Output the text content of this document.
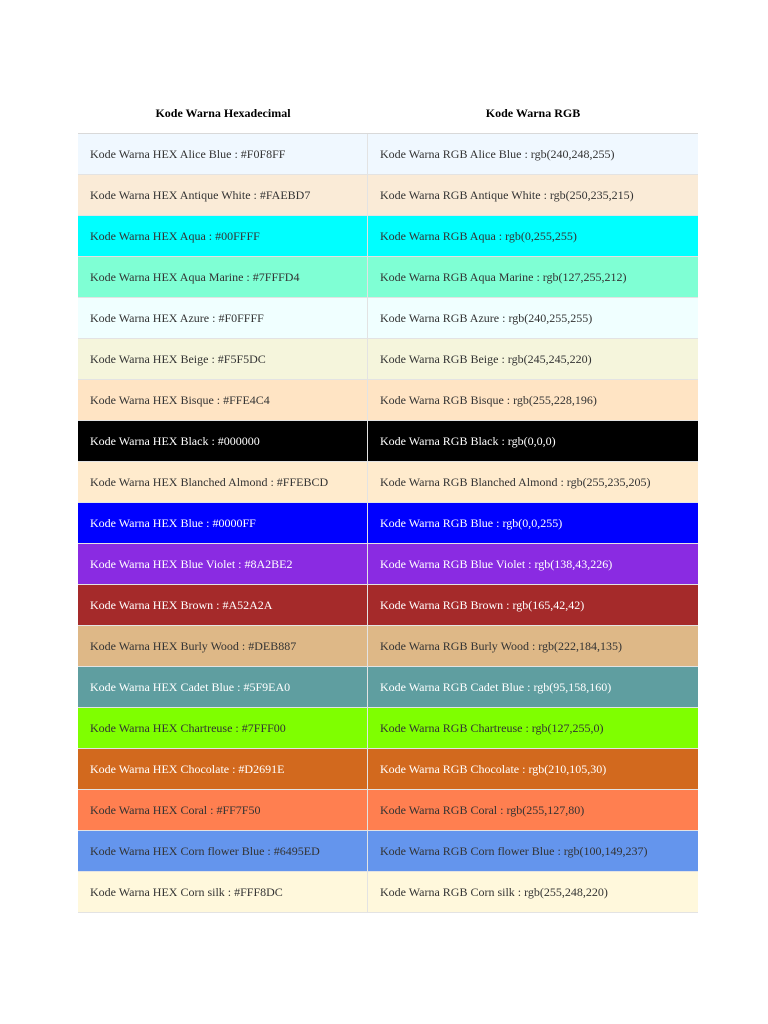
Kode Warna Hexadecimal	Kode Warna RGB
Kode Warna HEX Alice Blue : #F0F8FF	Kode Warna RGB Alice Blue : rgb(240,248,255)
Kode Warna HEX Antique White : #FAEBD7	Kode Warna RGB Antique White : rgb(250,235,215)
Kode Warna HEX Aqua : #00FFFF	Kode Warna RGB Aqua : rgb(0,255,255)
Kode Warna HEX Aqua Marine : #7FFFD4	Kode Warna RGB Aqua Marine : rgb(127,255,212)
Kode Warna HEX Azure : #F0FFFF	Kode Warna RGB Azure : rgb(240,255,255)
Kode Warna HEX Beige : #F5F5DC	Kode Warna RGB Beige : rgb(245,245,220)
Kode Warna HEX Bisque : #FFE4C4	Kode Warna RGB Bisque : rgb(255,228,196)
Kode Warna HEX Black : #000000	Kode Warna RGB Black : rgb(0,0,0)
Kode Warna HEX Blanched Almond : #FFEBCD	Kode Warna RGB Blanched Almond : rgb(255,235,205)
Kode Warna HEX Blue : #0000FF	Kode Warna RGB Blue : rgb(0,0,255)
Kode Warna HEX Blue Violet : #8A2BE2	Kode Warna RGB Blue Violet : rgb(138,43,226)
Kode Warna HEX Brown : #A52A2A	Kode Warna RGB Brown : rgb(165,42,42)
Kode Warna HEX Burly Wood : #DEB887	Kode Warna RGB Burly Wood : rgb(222,184,135)
Kode Warna HEX Cadet Blue : #5F9EA0	Kode Warna RGB Cadet Blue : rgb(95,158,160)
Kode Warna HEX Chartreuse : #7FFF00	Kode Warna RGB Chartreuse : rgb(127,255,0)
Kode Warna HEX Chocolate : #D2691E	Kode Warna RGB Chocolate : rgb(210,105,30)
Kode Warna HEX Coral : #FF7F50	Kode Warna RGB Coral : rgb(255,127,80)
Kode Warna HEX Corn flower Blue : #6495ED	Kode Warna RGB Corn flower Blue : rgb(100,149,237)
Kode Warna HEX Corn silk : #FFF8DC	Kode Warna RGB Corn silk : rgb(255,248,220)
